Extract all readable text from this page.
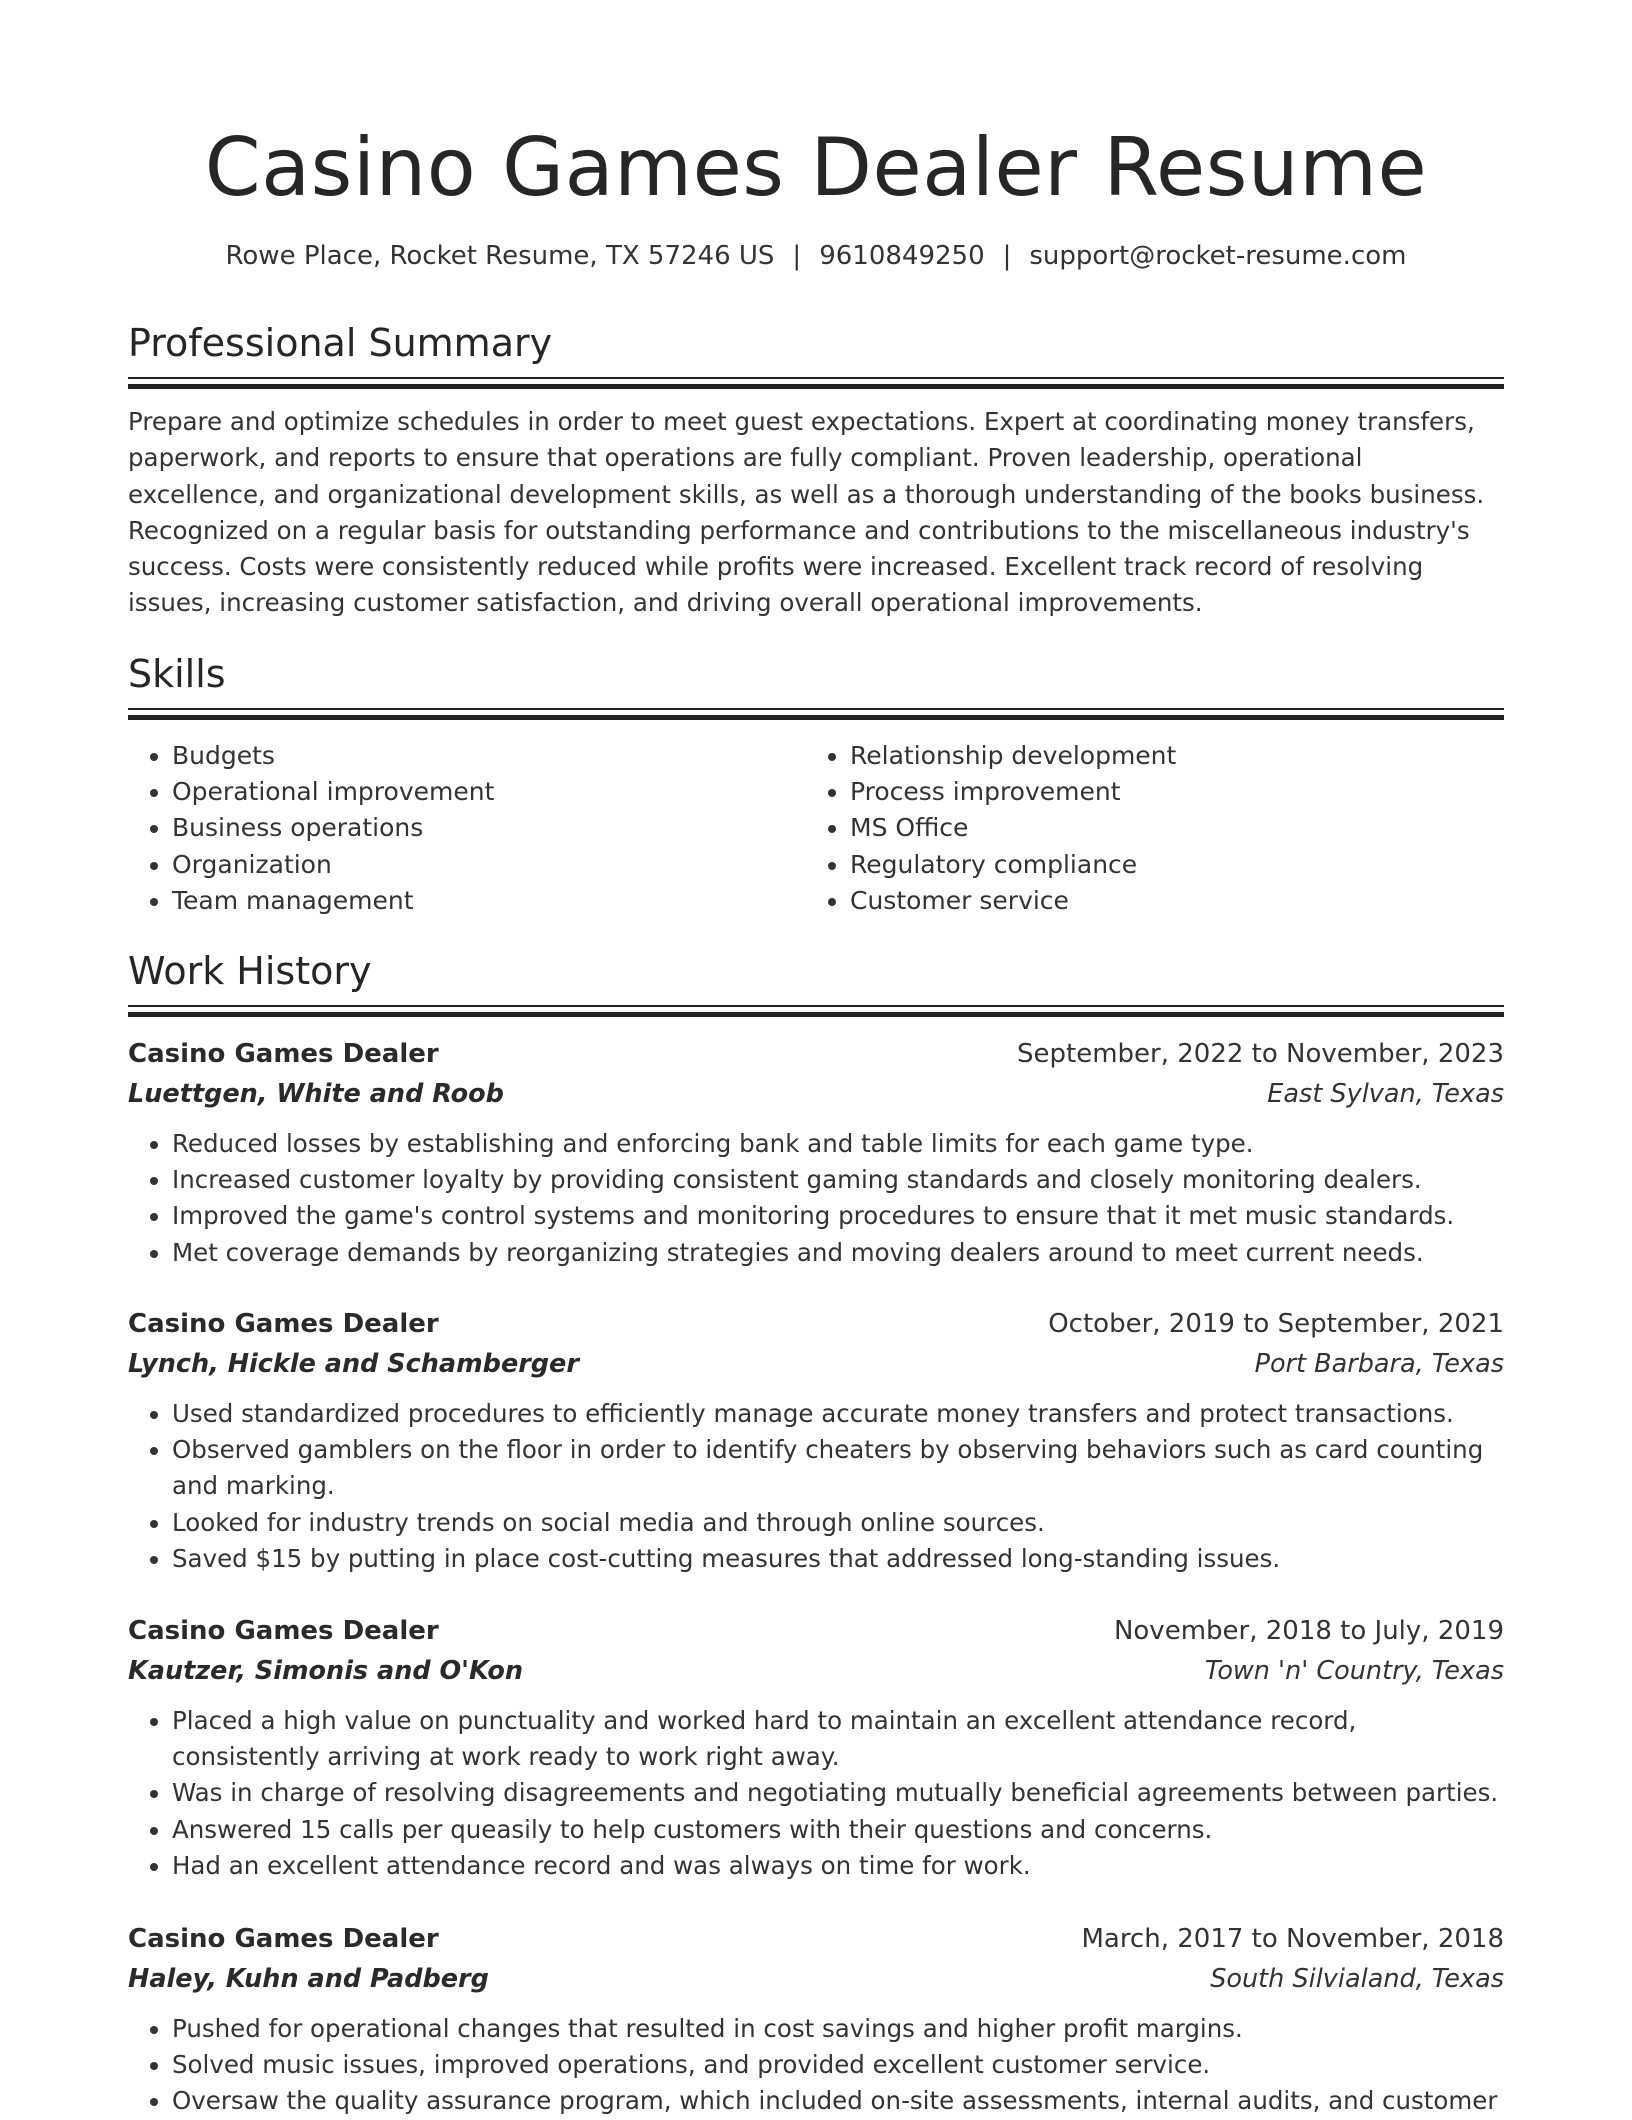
Casino Games Dealer Resume
Rowe Place, Rocket Resume, TX 57246 US | 9610849250 | support@rocket-resume.com
Professional Summary

Prepare and optimize schedules in order to meet guest expectations. Expert at coordinating money transfers, paperwork, and reports to ensure that operations are fully compliant. Proven leadership, operational excellence, and organizational development skills, as well as a thorough understanding of the books business. Recognized on a regular basis for outstanding performance and contributions to the miscellaneous industry's success. Costs were consistently reduced while profits were increased. Excellent track record of resolving issues, increasing customer satisfaction, and driving overall operational improvements.

Skills
• Budgets
• Operational improvement
• Business operations
• Organization
• Team management
• Relationship development
• Process improvement
• MS Office
• Regulatory compliance
• Customer service
Work History
Casino Games Dealer	September, 2022 to November, 2023
Luettgen, White and Roob	East Sylvan, Texas
• Reduced losses by establishing and enforcing bank and table limits for each game type.
• Increased customer loyalty by providing consistent gaming standards and closely monitoring dealers.
• Improved the game's control systems and monitoring procedures to ensure that it met music standards.
• Met coverage demands by reorganizing strategies and moving dealers around to meet current needs.
Casino Games Dealer	October, 2019 to September, 2021
Lynch, Hickle and Schamberger	Port Barbara, Texas
• Used standardized procedures to efficiently manage accurate money transfers and protect transactions.
• Observed gamblers on the floor in order to identify cheaters by observing behaviors such as card counting and marking.
• Looked for industry trends on social media and through online sources.
• Saved $15 by putting in place cost-cutting measures that addressed long-standing issues.
Casino Games Dealer	November, 2018 to July, 2019
Kautzer, Simonis and O'Kon	Town 'n' Country, Texas
• Placed a high value on punctuality and worked hard to maintain an excellent attendance record, consistently arriving at work ready to work right away.
• Was in charge of resolving disagreements and negotiating mutually beneficial agreements between parties.
• Answered 15 calls per queasily to help customers with their questions and concerns.
• Had an excellent attendance record and was always on time for work.
Casino Games Dealer	March, 2017 to November, 2018
Haley, Kuhn and Padberg	South Silvialand, Texas
• Pushed for operational changes that resulted in cost savings and higher profit margins.
• Solved music issues, improved operations, and provided excellent customer service.
• Oversaw the quality assurance program, which included on-site assessments, internal audits, and customer
